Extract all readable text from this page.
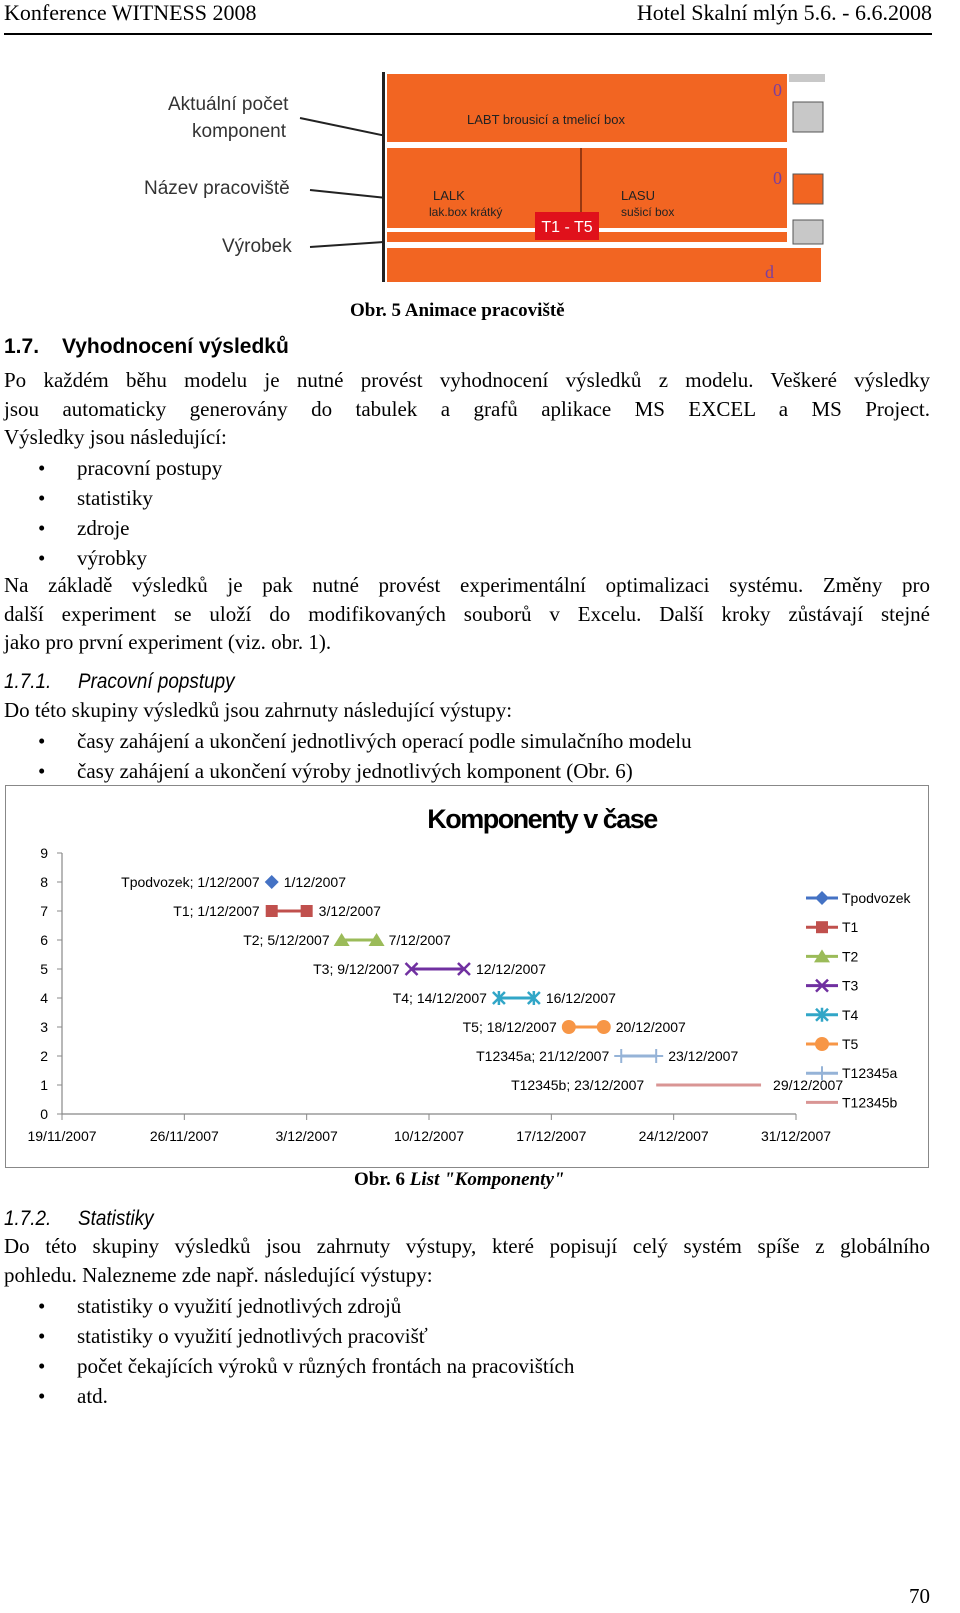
Konference WITNESS 2008	Hotel Skalní mlýn 5.6. - 6.6.2008
Aktuální počet
komponent
Název pracoviště
Výrobek
T1 - T5
LABT brousicí a tmelicí box
LALK
lak.box krátký
LASU
sušicí box
0
0
d
Obr. 5 Animace pracoviště
1.7. Vyhodnocení výsledků
Po každém běhu modelu je nutné provést vyhodnocení výsledků z modelu. Veškeré výsledky
jsou automaticky generovány do tabulek a grafů aplikace MS EXCEL a MS Project.
Výsledky jsou následující:
• pracovní postupy
• statistiky
• zdroje
• výrobky
Na základě výsledků je pak nutné provést experimentální optimalizaci systému. Změny pro
další experiment se uloží do modifikovaných souborů v Excelu. Další kroky zůstávají stejné
jako pro první experiment (viz. obr. 1).
1.7.1. Pracovní popstupy
Do této skupiny výsledků jsou zahrnuty následující výstupy:
• časy zahájení a ukončení jednotlivých operací podle simulačního modelu
• časy zahájení a ukončení výroby jednotlivých komponent (Obr. 6)
Komponenty v čase
0
1
2
3
4
5
6
7
8
9
19/11/2007	26/11/2007	3/12/2007	10/12/2007	17/12/2007	24/12/2007	31/12/2007
Tpodvozek; 1/12/2007 1/12/2007
T1; 1/12/2007	3/12/2007
T2; 5/12/2007	7/12/2007
T3; 9/12/2007	12/12/2007
T4; 14/12/2007	16/12/2007
T5; 18/12/2007	20/12/2007
T12345a; 21/12/2007	23/12/2007
T12345b; 23/12/2007	29/12/2007
Tpodvozek
T1
T2
T3
T4
T5
T12345a
T12345b
Obr. 6 List "Komponenty"
1.7.2. Statistiky
Do této skupiny výsledků jsou zahrnuty výstupy, které popisují celý systém spíše z globálního
pohledu. Nalezneme zde např. následující výstupy:
• statistiky o využití jednotlivých zdrojů
• statistiky o využití jednotlivých pracovišť
• počet čekajících výroků v různých frontách na pracovištích
• atd.
70
